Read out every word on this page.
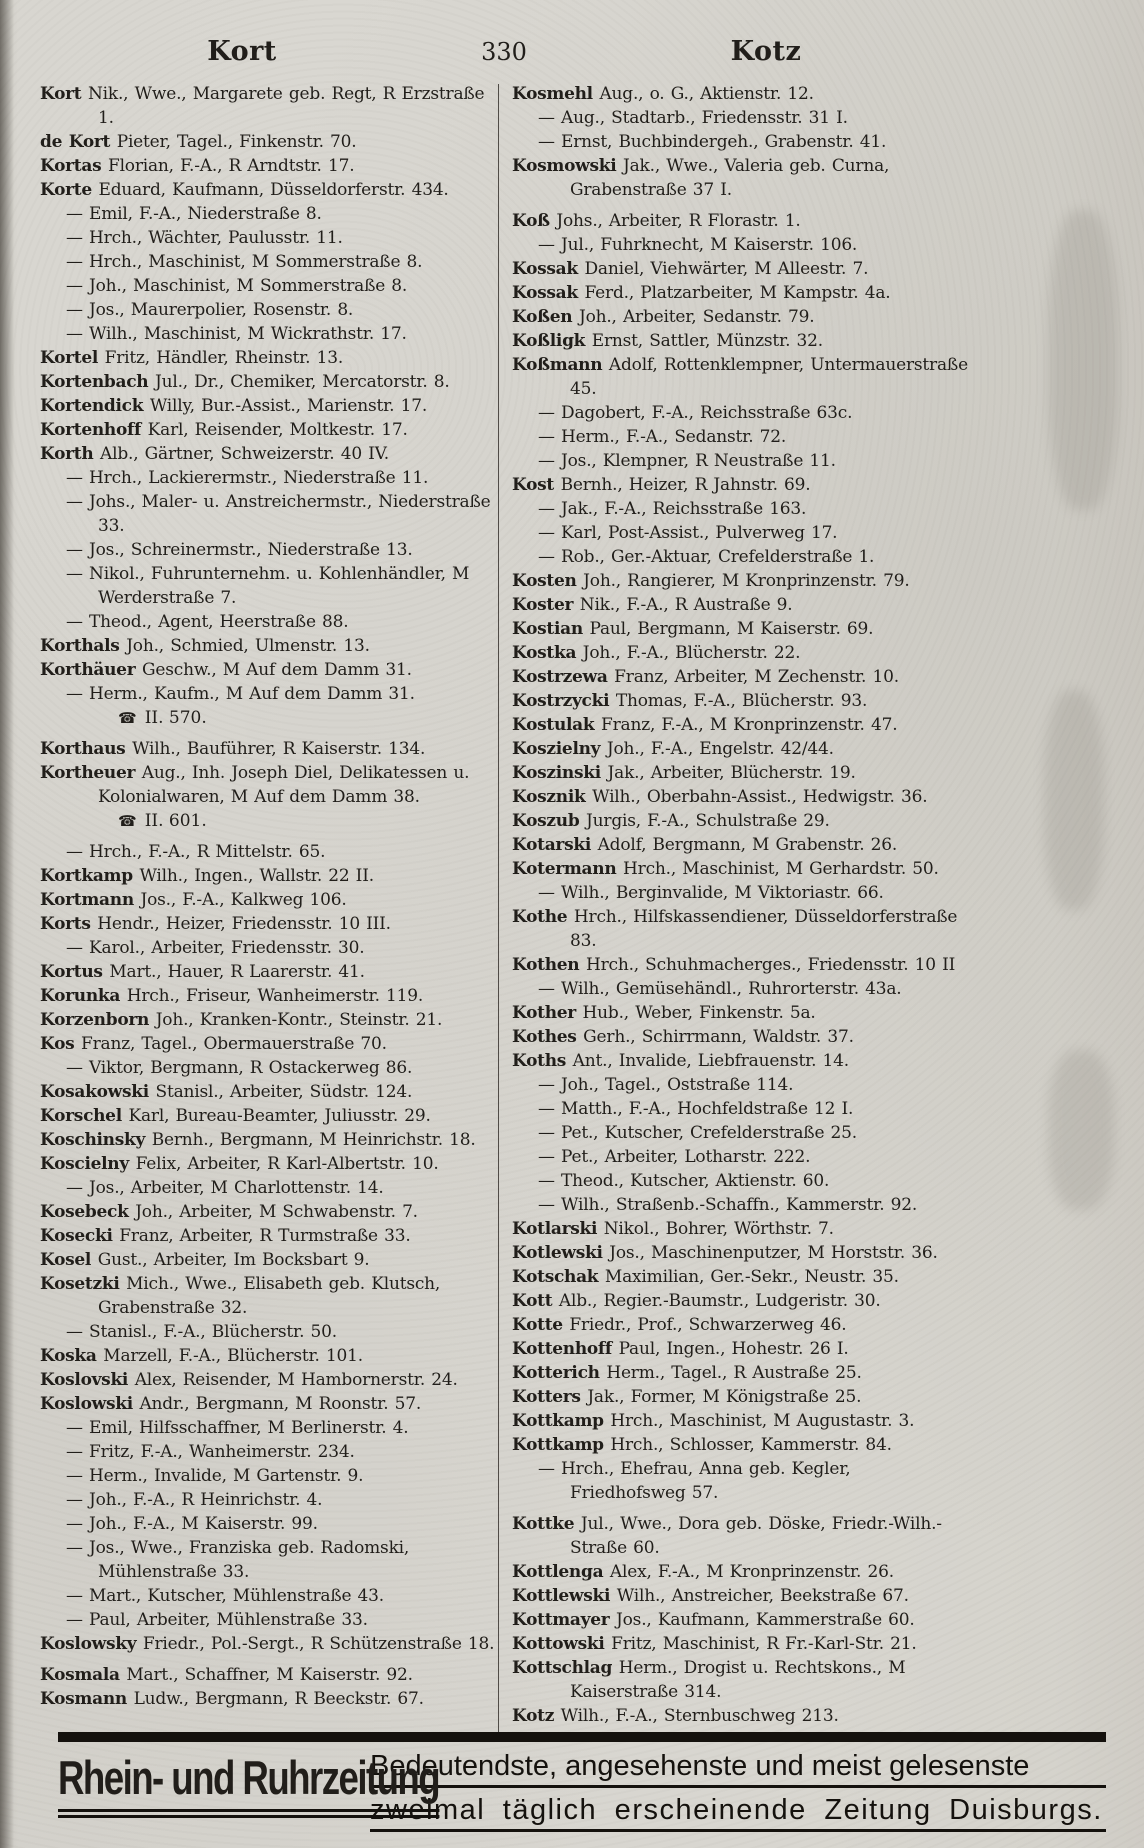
Kort	330	Kotz
Kort Nik., Wwe., Margarete geb. Regt, R Erzstraße 1.
de Kort Pieter, Tagel., Finkenstr. 70.
Kortas Florian, F.-A., R Arndtstr. 17.
Korte Eduard, Kaufmann, Düsseldorferstr. 434.
— Emil, F.-A., Niederstraße 8.
— Hrch., Wächter, Paulusstr. 11.
— Hrch., Maschinist, M Sommerstraße 8.
— Joh., Maschinist, M Sommerstraße 8.
— Jos., Maurerpolier, Rosenstr. 8.
— Wilh., Maschinist, M Wickrathstr. 17.
Kortel Fritz, Händler, Rheinstr. 13.
Kortenbach Jul., Dr., Chemiker, Mercatorstr. 8.
Kortendick Willy, Bur.-Assist., Marienstr. 17.
Kortenhoff Karl, Reisender, Moltkestr. 17.
Korth Alb., Gärtner, Schweizerstr. 40 IV.
— Hrch., Lackierermstr., Niederstraße 11.
— Johs., Maler- u. Anstreichermstr., Niederstraße 33.
— Jos., Schreinermstr., Niederstraße 13.
— Nikol., Fuhrunternehm. u. Kohlenhändler, M Werderstraße 7.
— Theod., Agent, Heerstraße 88.
Korthals Joh., Schmied, Ulmenstr. 13.
Korthäuer Geschw., M Auf dem Damm 31.
— Herm., Kaufm., M Auf dem Damm 31.
☎ II. 570.
Korthaus Wilh., Bauführer, R Kaiserstr. 134.
Kortheuer Aug., Inh. Joseph Diel, Delikatessen u. Kolonialwaren, M Auf dem Damm 38.
☎ II. 601.
— Hrch., F.-A., R Mittelstr. 65.
Kortkamp Wilh., Ingen., Wallstr. 22 II.
Kortmann Jos., F.-A., Kalkweg 106.
Korts Hendr., Heizer, Friedensstr. 10 III.
— Karol., Arbeiter, Friedensstr. 30.
Kortus Mart., Hauer, R Laarerstr. 41.
Korunka Hrch., Friseur, Wanheimerstr. 119.
Korzenborn Joh., Kranken-Kontr., Steinstr. 21.
Kos Franz, Tagel., Obermauerstraße 70.
— Viktor, Bergmann, R Ostackerweg 86.
Kosakowski Stanisl., Arbeiter, Südstr. 124.
Korschel Karl, Bureau-Beamter, Juliusstr. 29.
Koschinsky Bernh., Bergmann, M Heinrichstr. 18.
Koscielny Felix, Arbeiter, R Karl-Albertstr. 10.
— Jos., Arbeiter, M Charlottenstr. 14.
Kosebeck Joh., Arbeiter, M Schwabenstr. 7.
Kosecki Franz, Arbeiter, R Turmstraße 33.
Kosel Gust., Arbeiter, Im Bocksbart 9.
Kosetzki Mich., Wwe., Elisabeth geb. Klutsch, Grabenstraße 32.
— Stanisl., F.-A., Blücherstr. 50.
Koska Marzell, F.-A., Blücherstr. 101.
Koslovski Alex, Reisender, M Hambornerstr. 24.
Koslowski Andr., Bergmann, M Roonstr. 57.
— Emil, Hilfsschaffner, M Berlinerstr. 4.
— Fritz, F.-A., Wanheimerstr. 234.
— Herm., Invalide, M Gartenstr. 9.
— Joh., F.-A., R Heinrichstr. 4.
— Joh., F.-A., M Kaiserstr. 99.
— Jos., Wwe., Franziska geb. Radomski, Mühlenstraße 33.
— Mart., Kutscher, Mühlenstraße 43.
— Paul, Arbeiter, Mühlenstraße 33.
Koslowsky Friedr., Pol.-Sergt., R Schützenstraße 18.
Kosmala Mart., Schaffner, M Kaiserstr. 92.
Kosmann Ludw., Bergmann, R Beeckstr. 67.
Kosmehl Aug., o. G., Aktienstr. 12.
— Aug., Stadtarb., Friedensstr. 31 I.
— Ernst, Buchbindergeh., Grabenstr. 41.
Kosmowski Jak., Wwe., Valeria geb. Curna, Grabenstraße 37 I.
Koß Johs., Arbeiter, R Florastr. 1.
— Jul., Fuhrknecht, M Kaiserstr. 106.
Kossak Daniel, Viehwärter, M Alleestr. 7.
Kossak Ferd., Platzarbeiter, M Kampstr. 4a.
Koßen Joh., Arbeiter, Sedanstr. 79.
Koßligk Ernst, Sattler, Münzstr. 32.
Koßmann Adolf, Rottenklempner, Untermauerstraße 45.
— Dagobert, F.-A., Reichsstraße 63c.
— Herm., F.-A., Sedanstr. 72.
— Jos., Klempner, R Neustraße 11.
Kost Bernh., Heizer, R Jahnstr. 69.
— Jak., F.-A., Reichsstraße 163.
— Karl, Post-Assist., Pulverweg 17.
— Rob., Ger.-Aktuar, Crefelderstraße 1.
Kosten Joh., Rangierer, M Kronprinzenstr. 79.
Koster Nik., F.-A., R Austraße 9.
Kostian Paul, Bergmann, M Kaiserstr. 69.
Kostka Joh., F.-A., Blücherstr. 22.
Kostrzewa Franz, Arbeiter, M Zechenstr. 10.
Kostrzycki Thomas, F.-A., Blücherstr. 93.
Kostulak Franz, F.-A., M Kronprinzenstr. 47.
Koszielny Joh., F.-A., Engelstr. 42/44.
Koszinski Jak., Arbeiter, Blücherstr. 19.
Kosznik Wilh., Oberbahn-Assist., Hedwigstr. 36.
Koszub Jurgis, F.-A., Schulstraße 29.
Kotarski Adolf, Bergmann, M Grabenstr. 26.
Kotermann Hrch., Maschinist, M Gerhardstr. 50.
— Wilh., Berginvalide, M Viktoriastr. 66.
Kothe Hrch., Hilfskassendiener, Düsseldorferstraße 83.
Kothen Hrch., Schuhmacherges., Friedensstr. 10 II
— Wilh., Gemüsehändl., Ruhrorterstr. 43a.
Kother Hub., Weber, Finkenstr. 5a.
Kothes Gerh., Schirrmann, Waldstr. 37.
Koths Ant., Invalide, Liebfrauenstr. 14.
— Joh., Tagel., Oststraße 114.
— Matth., F.-A., Hochfeldstraße 12 I.
— Pet., Kutscher, Crefelderstraße 25.
— Pet., Arbeiter, Lotharstr. 222.
— Theod., Kutscher, Aktienstr. 60.
— Wilh., Straßenb.-Schaffn., Kammerstr. 92.
Kotlarski Nikol., Bohrer, Wörthstr. 7.
Kotlewski Jos., Maschinenputzer, M Horststr. 36.
Kotschak Maximilian, Ger.-Sekr., Neustr. 35.
Kott Alb., Regier.-Baumstr., Ludgeristr. 30.
Kotte Friedr., Prof., Schwarzerweg 46.
Kottenhoff Paul, Ingen., Hohestr. 26 I.
Kotterich Herm., Tagel., R Austraße 25.
Kotters Jak., Former, M Königstraße 25.
Kottkamp Hrch., Maschinist, M Augustastr. 3.
Kottkamp Hrch., Schlosser, Kammerstr. 84.
— Hrch., Ehefrau, Anna geb. Kegler, Friedhofsweg 57.
Kottke Jul., Wwe., Dora geb. Döske, Friedr.-Wilh.-Straße 60.
Kottlenga Alex, F.-A., M Kronprinzenstr. 26.
Kottlewski Wilh., Anstreicher, Beekstraße 67.
Kottmayer Jos., Kaufmann, Kammerstraße 60.
Kottowski Fritz, Maschinist, R Fr.-Karl-Str. 21.
Kottschlag Herm., Drogist u. Rechtskons., M Kaiserstraße 314.
Kotz Wilh., F.-A., Sternbuschweg 213.
Rhein- und Ruhrzeitung
Bedeutendste, angesehenste und meist gelesenste
zweimal täglich erscheinende Zeitung Duisburgs.
